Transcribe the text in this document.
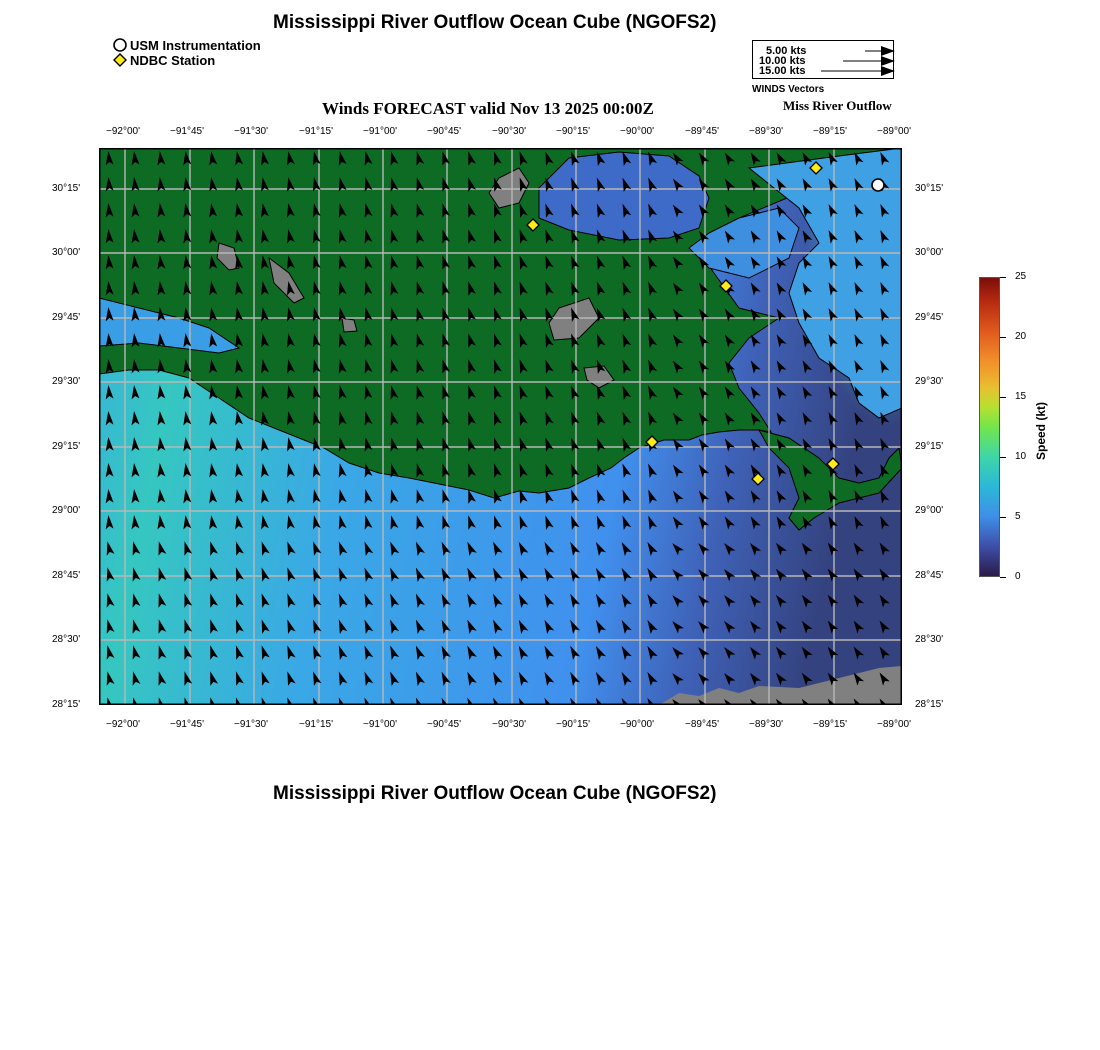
Mississippi River Outflow Ocean Cube (NGOFS2)
USM Instrumentation
NDBC Station
5.00 kts
10.00 kts
15.00 kts
WINDS Vectors
Winds FORECAST valid Nov 13 2025 00:00Z	Miss River Outflow
Speed (kt)
Mississippi River Outflow Ocean Cube (NGOFS2)
−92°00'
−92°00'
−91°45'
−91°45'
−91°30'
−91°30'
−91°15'
−91°15'
−91°00'
−91°00'
−90°45'
−90°45'
−90°30'
−90°30'
−90°15'
−90°15'
−90°00'
−90°00'
−89°45'
−89°45'
−89°30'
−89°30'
−89°15'
−89°15'
−89°00'
−89°00'
30°15'	30°15'
30°00'	30°00'
29°45'	29°45'
29°30'	29°30'
29°15'	29°15'
29°00'	29°00'
28°45'	28°45'
28°30'	28°30'
28°15'	28°15'
25
20
15
10
5
0
